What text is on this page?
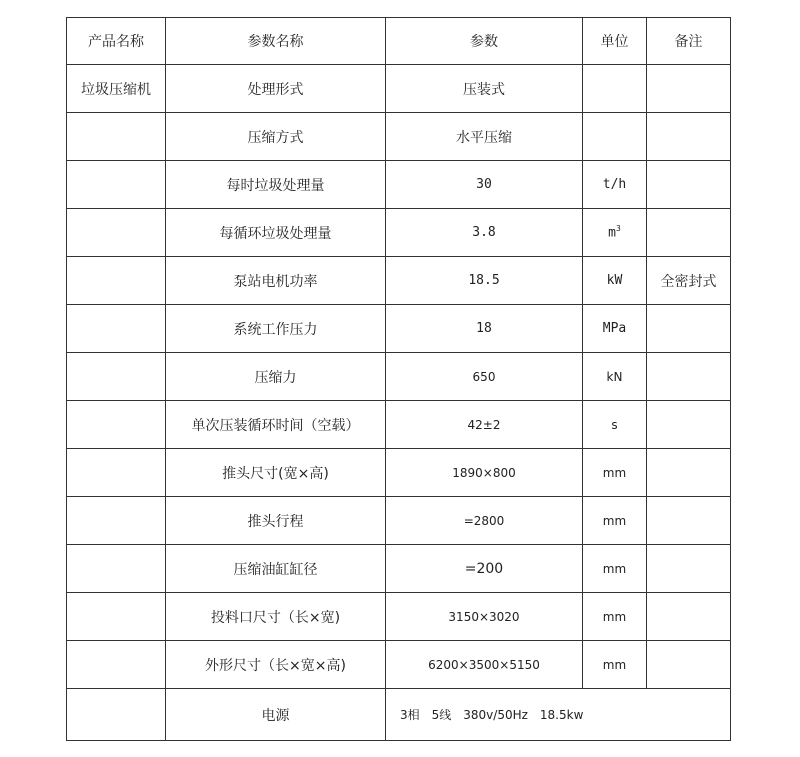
产品名称	参数名称	参数	单位	备注
垃圾压缩机	处理形式	压装式		
	压缩方式	水平压缩		
	每时垃圾处理量	30	t/h	
	每循环垃圾处理量	3.8	$m^3$	
	泵站电机功率	18.5	kW	全密封式
	系统工作压力	18	MPa	
	压缩力	650	kN	
	单次压装循环时间（空载）	42±2	s	
	推头尺寸(宽×高)	1890×800	mm	
	推头行程	=2800	mm	
	压缩油缸缸径	=200	mm	
	投料口尺寸（长×宽)	3150×3020	mm	
	外形尺寸（长×宽×高)	6200×3500×5150	mm	
	电源	3相　5线　380v/50Hz　18.5kw		
